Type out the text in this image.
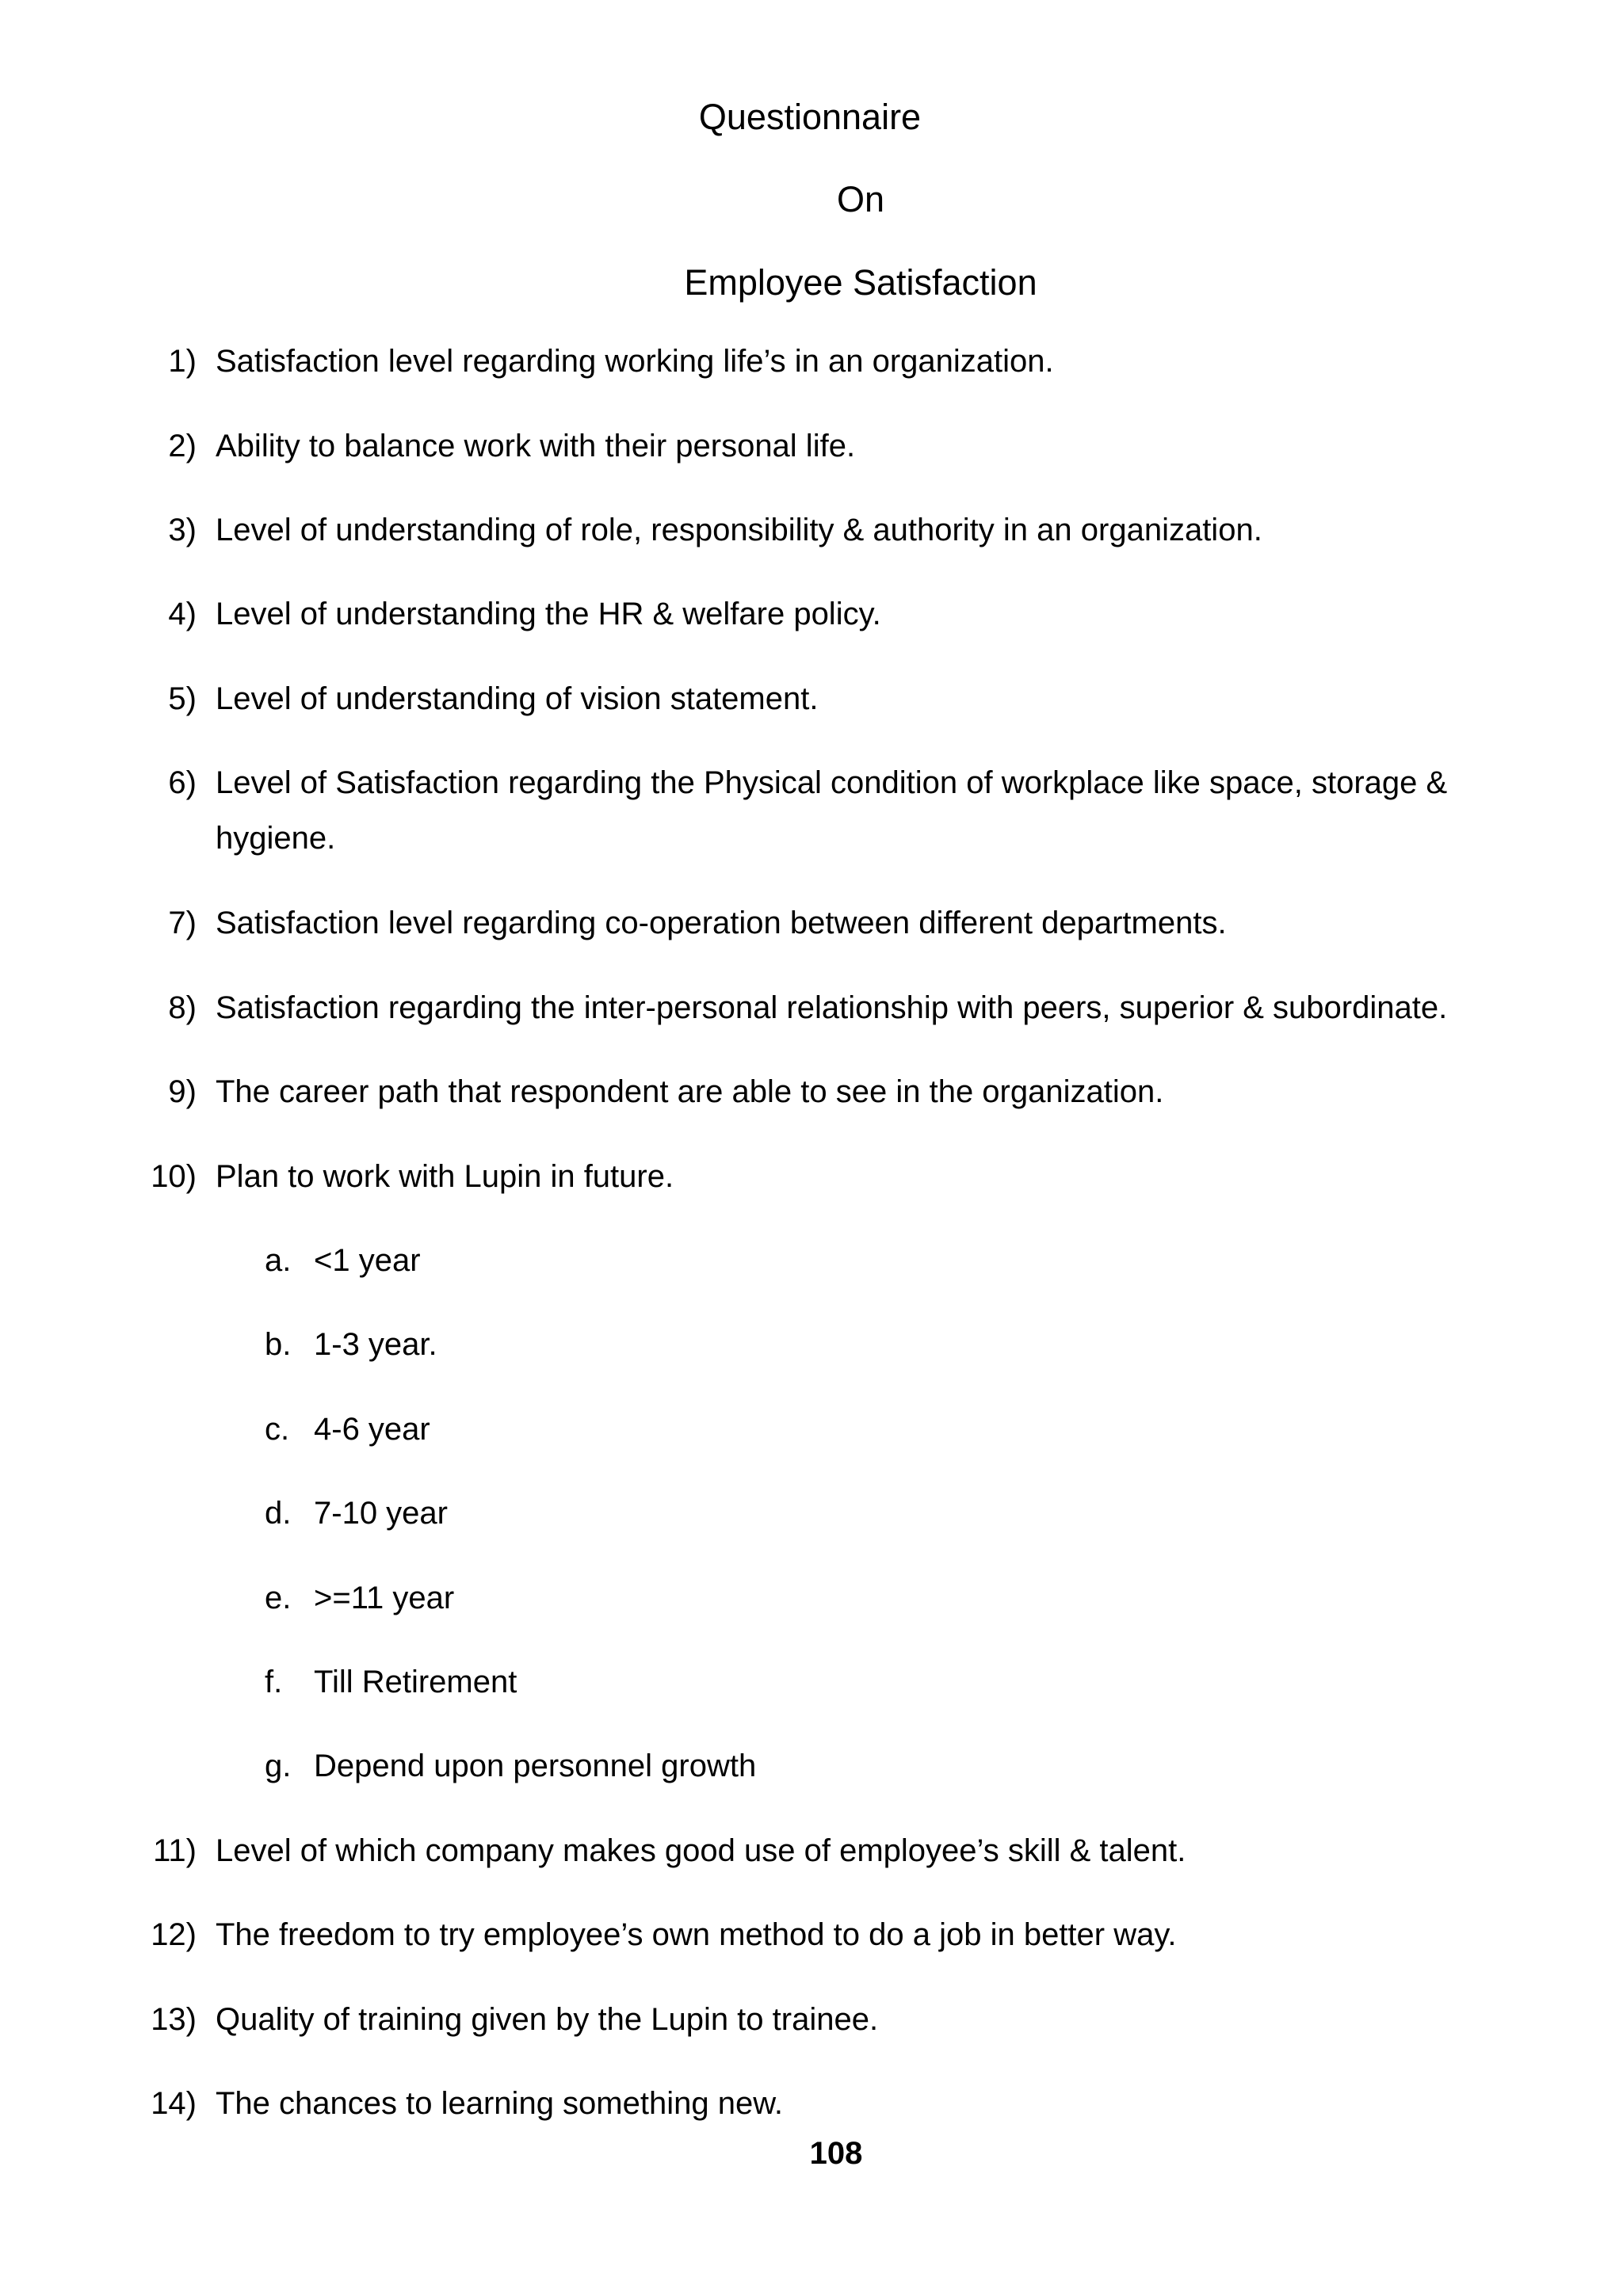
Questionnaire
On
Employee Satisfaction
1) Satisfaction level regarding working life’s in an organization.
2) Ability to balance work with their personal life.
3) Level of understanding of role, responsibility & authority in an organization.
4) Level of understanding the HR & welfare policy.
5) Level of understanding of vision statement.
6) Level of Satisfaction regarding the Physical condition of workplace like space, storage & hygiene.
7) Satisfaction level regarding co-operation between different departments.
8) Satisfaction regarding the inter-personal relationship with peers, superior & subordinate.
9) The career path that respondent are able to see in the organization.
10) Plan to work with Lupin in future.
a. <1 year
b. 1-3 year.
c. 4-6 year
d. 7-10 year
e. >=11 year
f. Till Retirement
g. Depend upon personnel growth
11) Level of which company makes good use of employee’s skill & talent.
12) The freedom to try employee’s own method to do a job in better way.
13) Quality of training given by the Lupin to trainee.
14) The chances to learning something new.
108
